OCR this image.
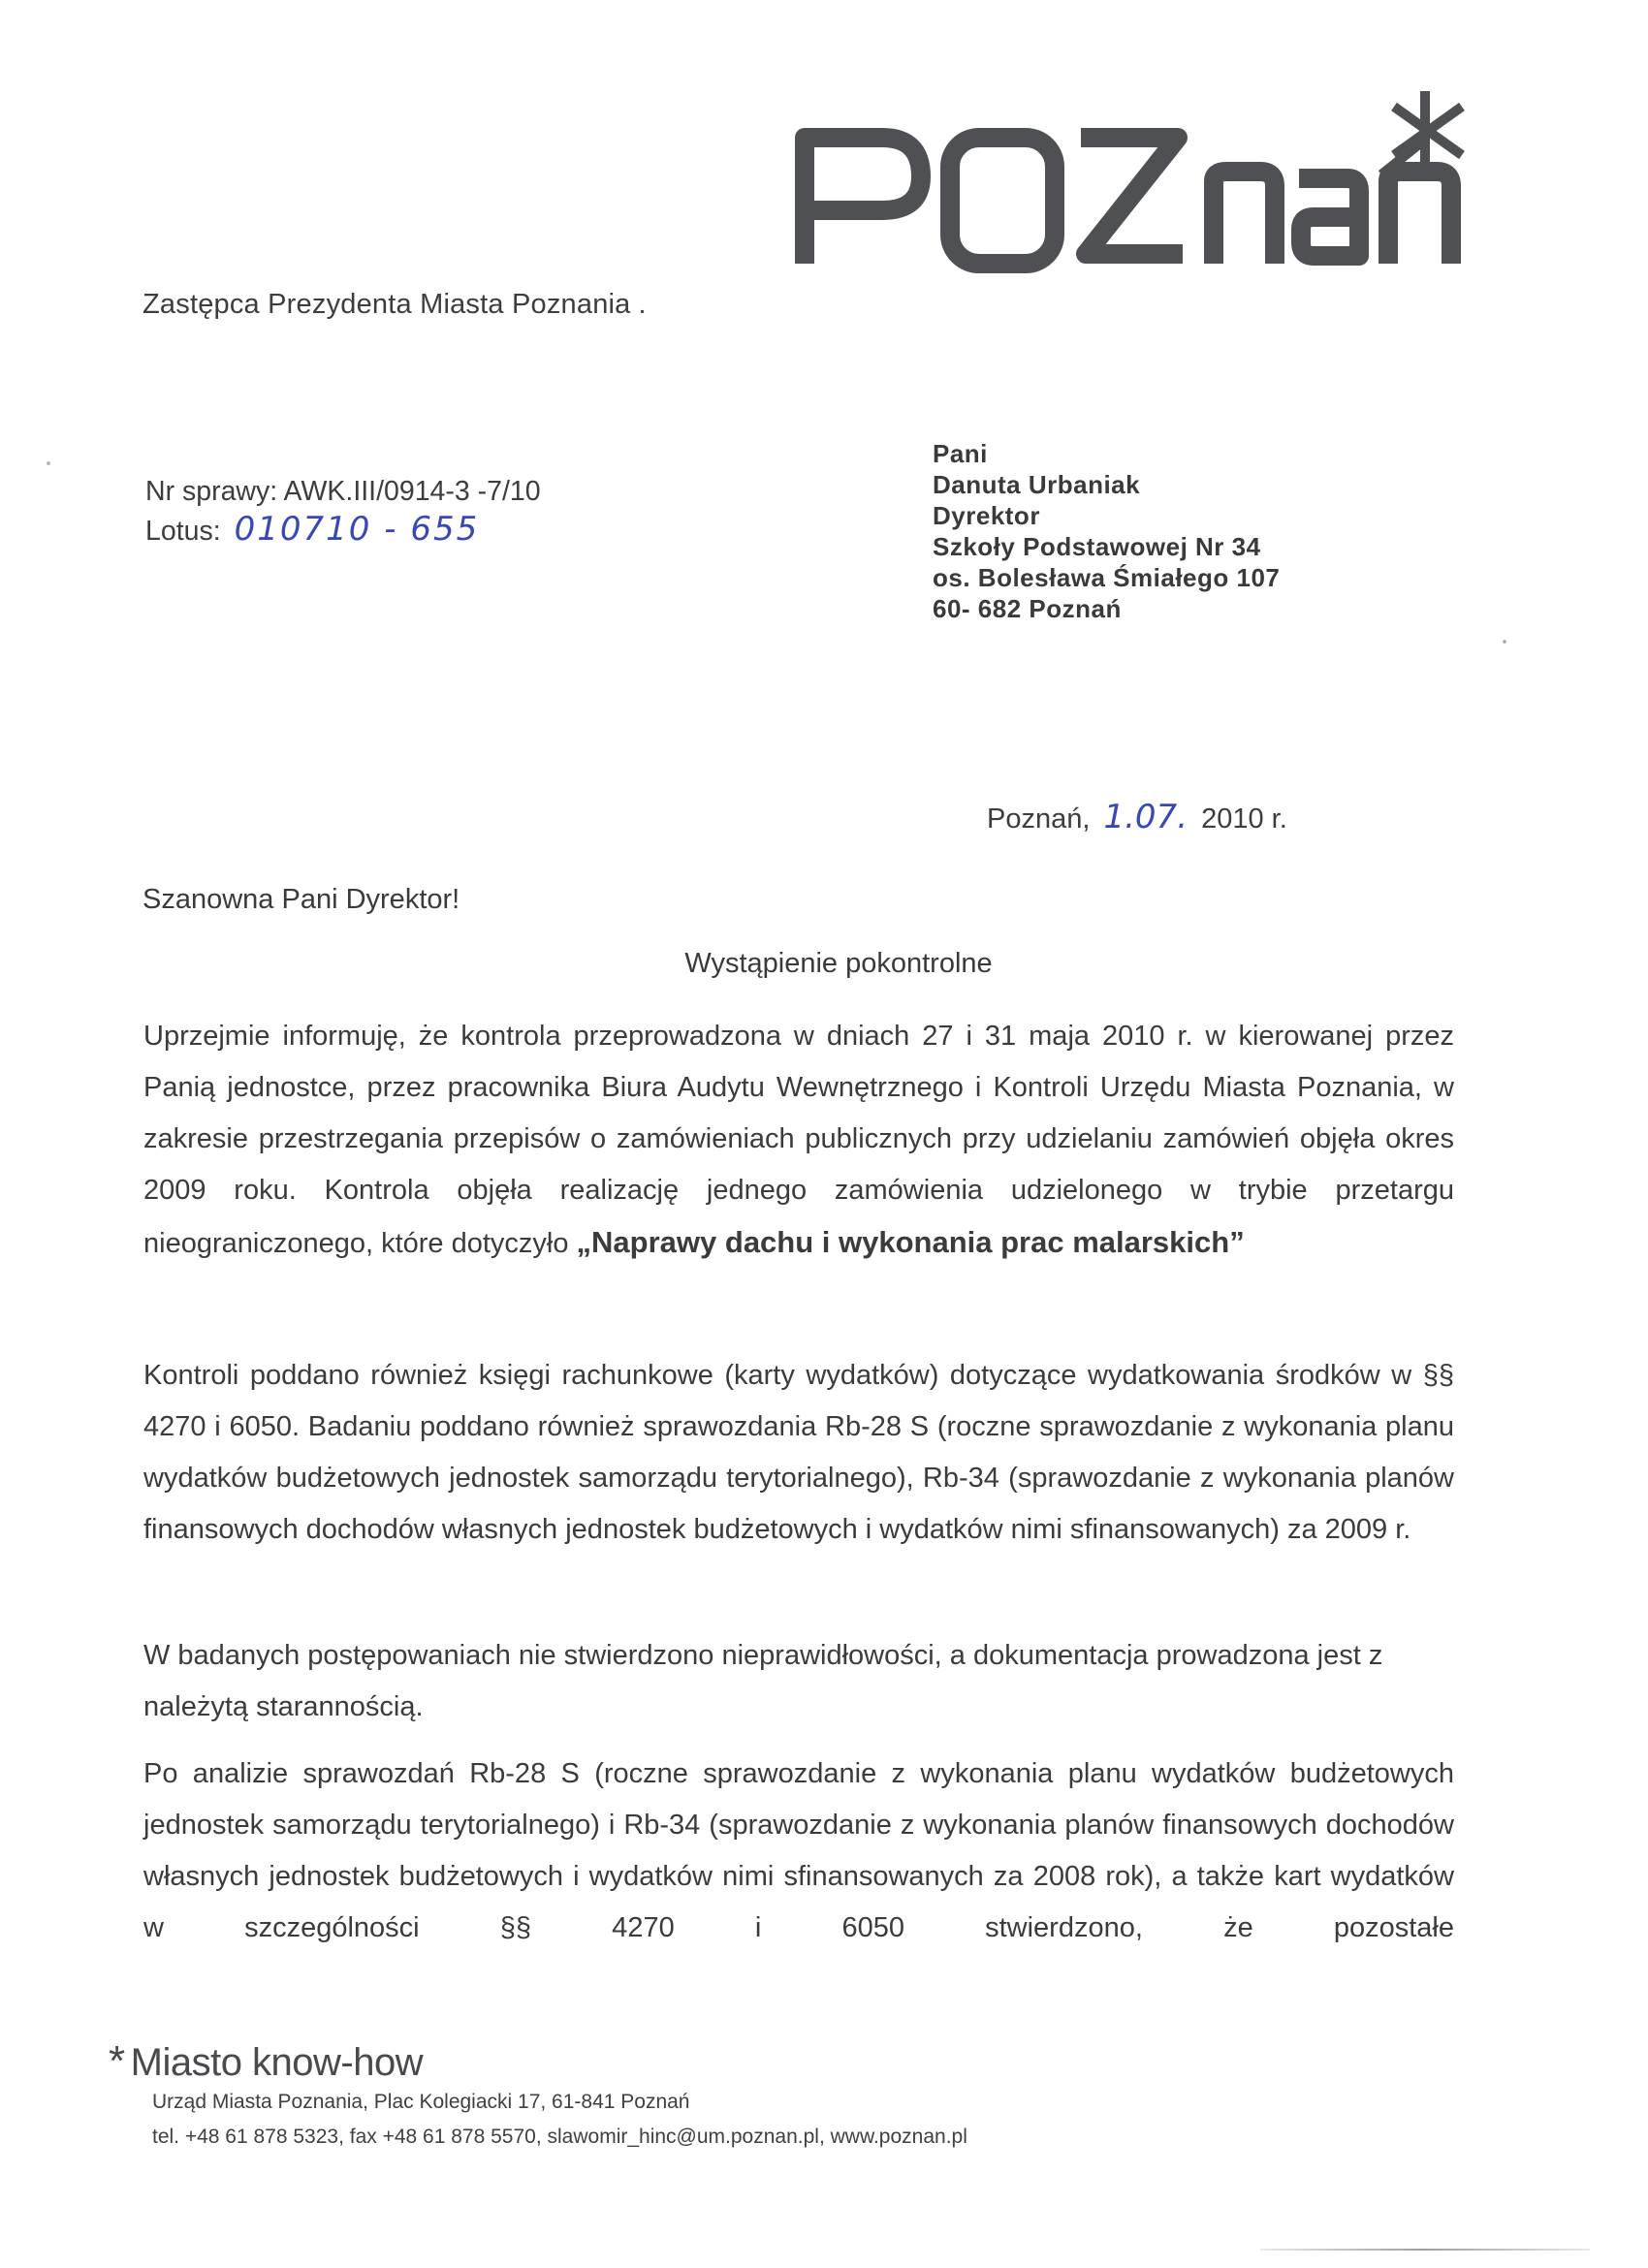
Zastępca Prezydenta Miasta Poznania .
Nr sprawy: AWK.III/0914-3 -7/10
Lotus: 010710 - 655
Pani
Danuta Urbaniak
Dyrektor
Szkoły Podstawowej Nr 34
os. Bolesława Śmiałego 107
60- 682 Poznań
Poznań, 1.07. 2010 r.
Szanowna Pani Dyrektor!
Wystąpienie pokontrolne

Uprzejmie informuję, że kontrola przeprowadzona w dniach 27 i 31 maja 2010 r. w kierowanej przez Panią jednostce, przez pracownika Biura Audytu Wewnętrznego i Kontroli Urzędu Miasta Poznania, w zakresie przestrzegania przepisów o zamówieniach publicznych przy udzielaniu zamówień objęła okres 2009 roku. Kontrola objęła realizację jednego zamówienia udzielonego w trybie przetargu nieograniczonego, które dotyczyło „Naprawy dachu i wykonania prac malarskich”

Kontroli poddano również księgi rachunkowe (karty wydatków) dotyczące wydatkowania środków w §§ 4270 i 6050. Badaniu poddano również sprawozdania Rb-28 S (roczne sprawozdanie z wykonania planu wydatków budżetowych jednostek samorządu terytorialnego), Rb-34 (sprawozdanie z wykonania planów finansowych dochodów własnych jednostek budżetowych i wydatków nimi sfinansowanych) za 2009 r.

W badanych postępowaniach nie stwierdzono nieprawidłowości, a dokumentacja prowadzona jest z należytą starannością.

Po analizie sprawozdań Rb-28 S (roczne sprawozdanie z wykonania planu wydatków budżetowych jednostek samorządu terytorialnego) i Rb-34 (sprawozdanie z wykonania planów finansowych dochodów własnych jednostek budżetowych i wydatków nimi sfinansowanych za 2008 rok), a także kart wydatków w szczególności §§ 4270 i 6050 stwierdzono, że pozostałe

* Miasto know-how
Urząd Miasta Poznania, Plac Kolegiacki 17, 61-841 Poznań
tel. +48 61 878 5323, fax +48 61 878 5570, slawomir_hinc@um.poznan.pl, www.poznan.pl
